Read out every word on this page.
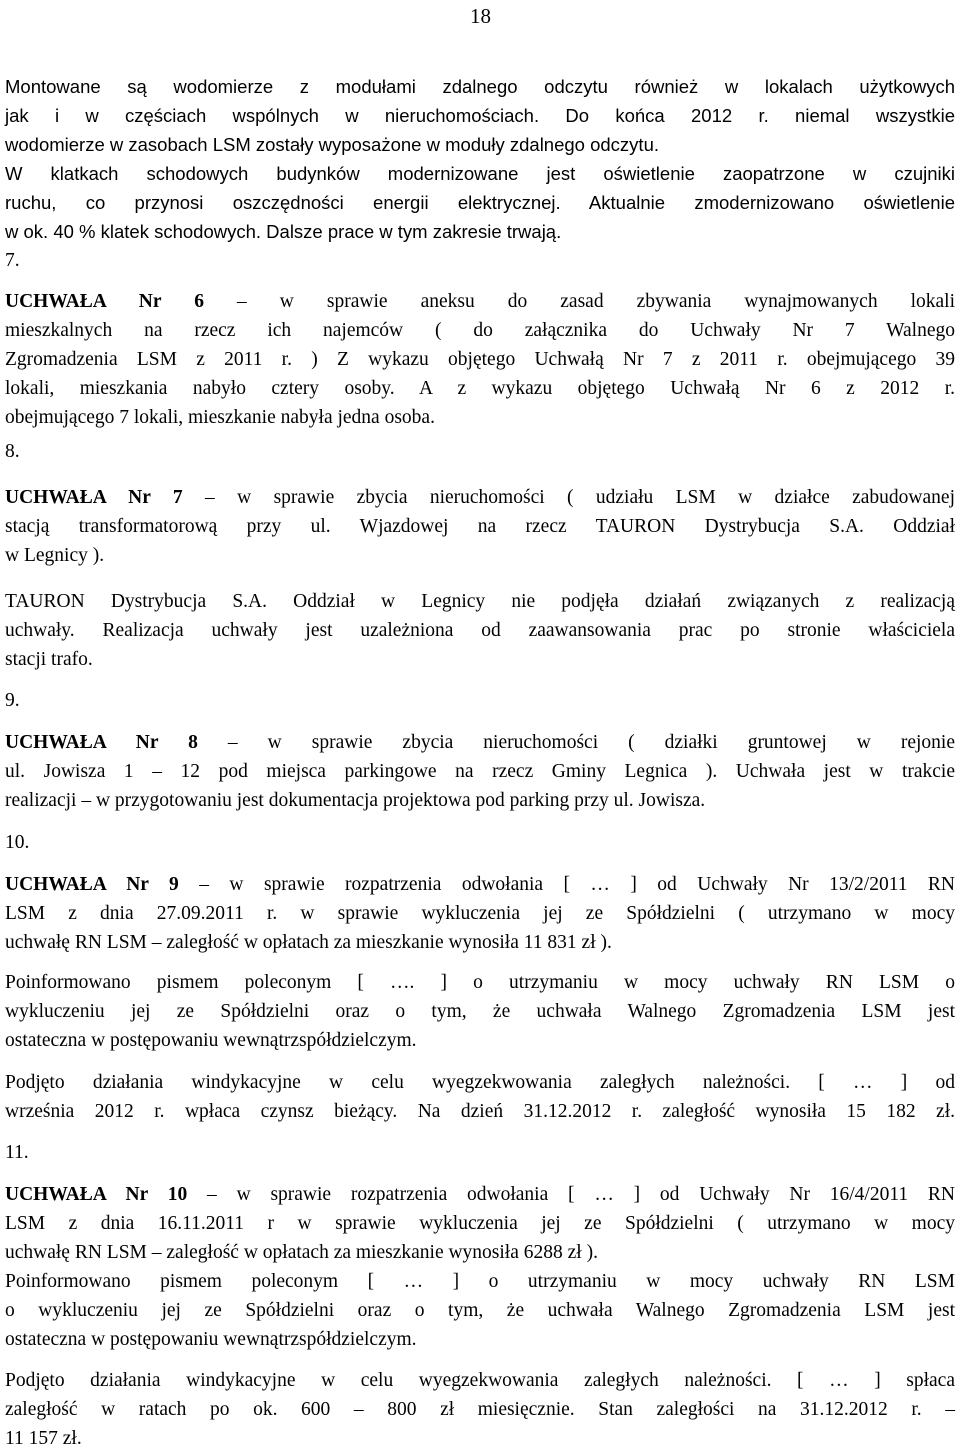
18

Montowane są wodomierze z modułami zdalnego odczytu również w lokalach użytkowych
jak i w częściach wspólnych w nieruchomościach. Do końca 2012 r. niemal wszystkie
wodomierze w zasobach LSM zostały wyposażone w moduły zdalnego odczytu.
W klatkach schodowych budynków modernizowane jest oświetlenie zaopatrzone w czujniki
ruchu, co przynosi oszczędności energii elektrycznej. Aktualnie zmodernizowano oświetlenie
w ok. 40 % klatek schodowych. Dalsze prace w tym zakresie trwają.

7.

UCHWAŁA Nr 6 – w sprawie aneksu do zasad zbywania wynajmowanych lokali
mieszkalnych na rzecz ich najemców ( do załącznika do Uchwały Nr 7 Walnego
Zgromadzenia LSM z 2011 r. ) Z wykazu objętego Uchwałą Nr 7 z 2011 r. obejmującego 39
lokali, mieszkania nabyło cztery osoby. A z wykazu objętego Uchwałą Nr 6 z 2012 r.
obejmującego 7 lokali, mieszkanie nabyła jedna osoba.

8.

UCHWAŁA Nr 7 – w sprawie zbycia nieruchomości ( udziału LSM w działce zabudowanej
stacją transformatorową przy ul. Wjazdowej na rzecz TAURON Dystrybucja S.A. Oddział
w Legnicy ).

TAURON Dystrybucja S.A. Oddział w Legnicy nie podjęła działań związanych z realizacją
uchwały. Realizacja uchwały jest uzależniona od zaawansowania prac po stronie właściciela
stacji trafo.

9.

UCHWAŁA Nr 8 – w sprawie zbycia nieruchomości ( działki gruntowej w rejonie
ul. Jowisza 1 – 12 pod miejsca parkingowe na rzecz Gminy Legnica ). Uchwała jest w trakcie
realizacji – w przygotowaniu jest dokumentacja projektowa pod parking przy ul. Jowisza.

10.

UCHWAŁA Nr 9 – w sprawie rozpatrzenia odwołania [ … ] od Uchwały Nr 13/2/2011 RN
LSM z dnia 27.09.2011 r. w sprawie wykluczenia jej ze Spółdzielni ( utrzymano w mocy
uchwałę RN LSM – zaległość w opłatach za mieszkanie wynosiła 11 831 zł ).

Poinformowano pismem poleconym [ …. ] o utrzymaniu w mocy uchwały RN LSM o
wykluczeniu jej ze Spółdzielni oraz o tym, że uchwała Walnego Zgromadzenia LSM jest
ostateczna w postępowaniu wewnątrzspółdzielczym.

Podjęto działania windykacyjne w celu wyegzekwowania zaległych należności. [ … ] od
września 2012 r. wpłaca czynsz bieżący. Na dzień 31.12.2012 r. zaległość wynosiła 15 182 zł.

11.

UCHWAŁA Nr 10 – w sprawie rozpatrzenia odwołania [ … ] od Uchwały Nr 16/4/2011 RN
LSM z dnia 16.11.2011 r w sprawie wykluczenia jej ze Spółdzielni ( utrzymano w mocy
uchwałę RN LSM – zaległość w opłatach za mieszkanie wynosiła 6288 zł ).
Poinformowano pismem poleconym [ … ] o utrzymaniu w mocy uchwały RN LSM
o wykluczeniu jej ze Spółdzielni oraz o tym, że uchwała Walnego Zgromadzenia LSM jest
ostateczna w postępowaniu wewnątrzspółdzielczym.

Podjęto działania windykacyjne w celu wyegzekwowania zaległych należności. [ … ] spłaca
zaległość w ratach po ok. 600 – 800 zł miesięcznie. Stan zaległości na 31.12.2012 r. –
11 157 zł.
